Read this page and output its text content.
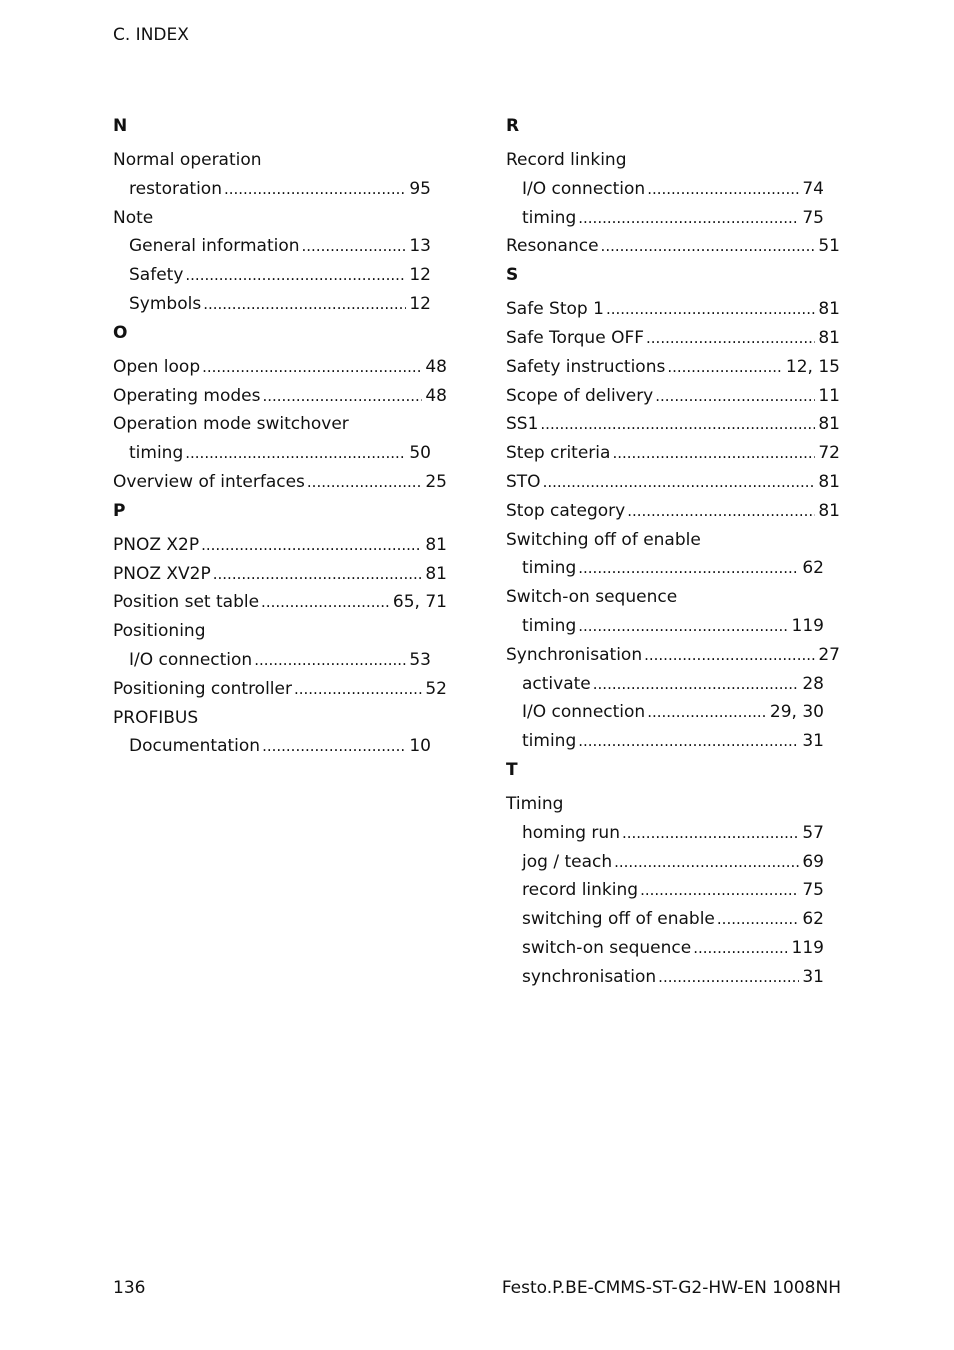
C. INDEX
N
Normal operation
restoration .....	95
Note
General information .....	13
Safety .....	12
Symbols .....	12
O
Open loop .....	48
Operating modes .....	48
Operation mode switchover
timing .....	50
Overview of interfaces .....	25
P
PNOZ X2P .....	81
PNOZ XV2P .....	81
Position set table .....	65, 71
Positioning
I/O connection .....	53
Positioning controller .....	52
PROFIBUS
Documentation .....	10
R
Record linking
I/O connection .....	74
timing .....	75
Resonance .....	51
S
Safe Stop 1 .....	81
Safe Torque OFF .....	81
Safety instructions .....	12, 15
Scope of delivery .....	11
SS1 .....	81
Step criteria .....	72
STO .....	81
Stop category .....	81
Switching off of enable
timing .....	62
Switch-on sequence
timing .....	119
Synchronisation .....	27
activate .....	28
I/O connection .....	29, 30
timing .....	31
T
Timing
homing run .....	57
jog / teach .....	69
record linking .....	75
switching off of enable .....	62
switch-on sequence .....	119
synchronisation .....	31
136	Festo.P.BE-CMMS-ST-G2-HW-EN 1008NH
